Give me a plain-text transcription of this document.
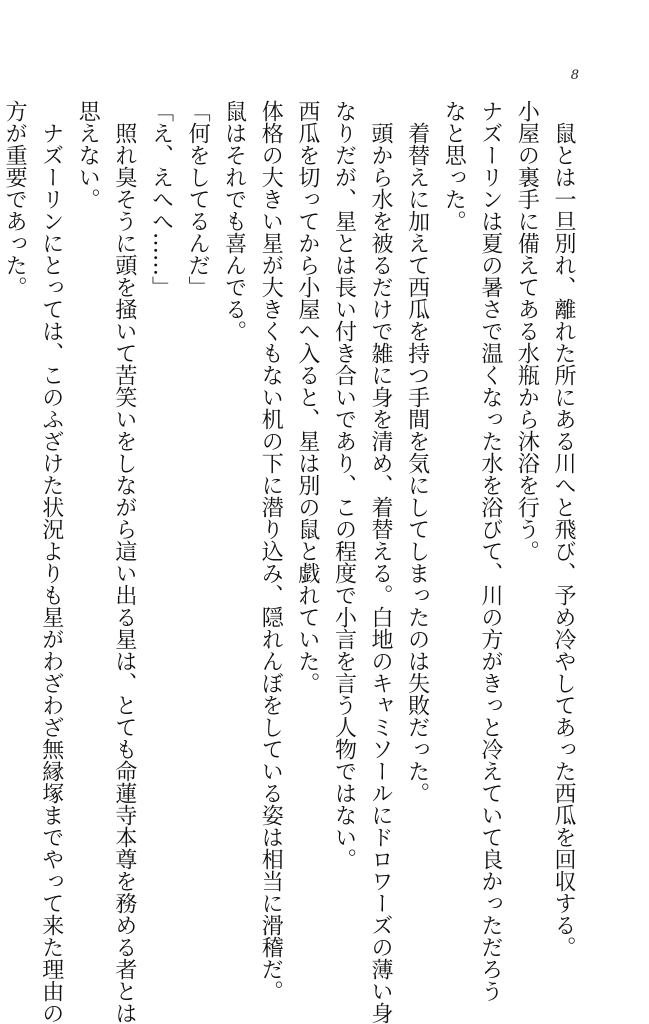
8
鼠とは一旦別れ、離れた所にある川へと飛び、予め冷やしてあった西瓜を回収する。
小屋の裏手に備えてある水瓶から沐浴を行う。
ナズーリンは夏の暑さで温くなった水を浴びて、川の方がきっと冷えていて良かっただろう
なと思った。
着替えに加えて西瓜を持つ手間を気にしてしまったのは失敗だった。
頭から水を被るだけで雑に身を清め、着替える。白地のキャミソールにドロワーズの薄い身
なりだが、星とは長い付き合いであり、この程度で小言を言う人物ではない。
西瓜を切ってから小屋へ入ると、星は別の鼠と戯れていた。
体格の大きい星が大きくもない机の下に潜り込み、隠れんぼをしている姿は相当に滑稽だ。
鼠はそれでも喜んでる。
「何をしてるんだ」
「え、えへへ……」
照れ臭そうに頭を掻いて苦笑いをしながら這い出る星は、とても命蓮寺本尊を務める者とは
思えない。
ナズーリンにとっては、このふざけた状況よりも星がわざわざ無縁塚までやって来た理由の
方が重要であった。
